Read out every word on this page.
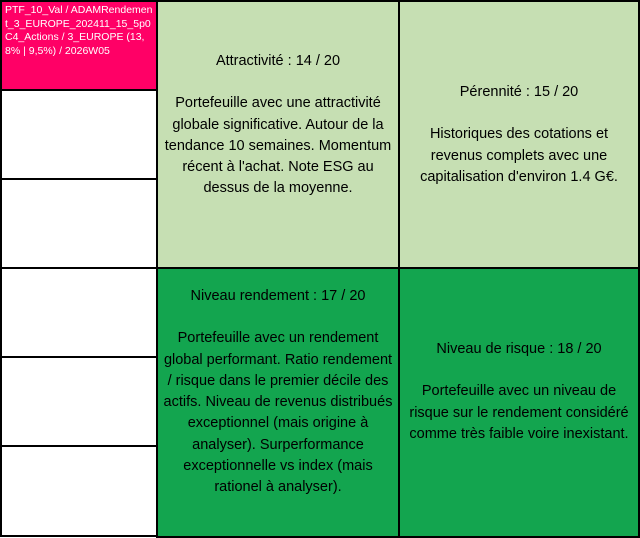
PTF_10_Val / ADAMRendement_3_EUROPE_202411_15_5p0C4_Actions / 3_EUROPE (13,8% | 9,5%) / 2026W05
Attractivité : 14 / 20
Portefeuille avec une attractivité globale significative. Autour de la tendance 10 semaines. Momentum récent à l'achat. Note ESG au dessus de la moyenne.
Pérennité : 15 / 20
Historiques des cotations et revenus complets avec une capitalisation d'environ 1.4 G€.
Niveau rendement : 17 / 20
Portefeuille avec un rendement global performant. Ratio rendement / risque dans le premier décile des actifs. Niveau de revenus distribués exceptionnel (mais origine à analyser). Surperformance exceptionnelle vs index (mais rationel à analyser).
Niveau de risque : 18 / 20
Portefeuille avec un niveau de risque sur le rendement considéré comme très faible voire inexistant.
